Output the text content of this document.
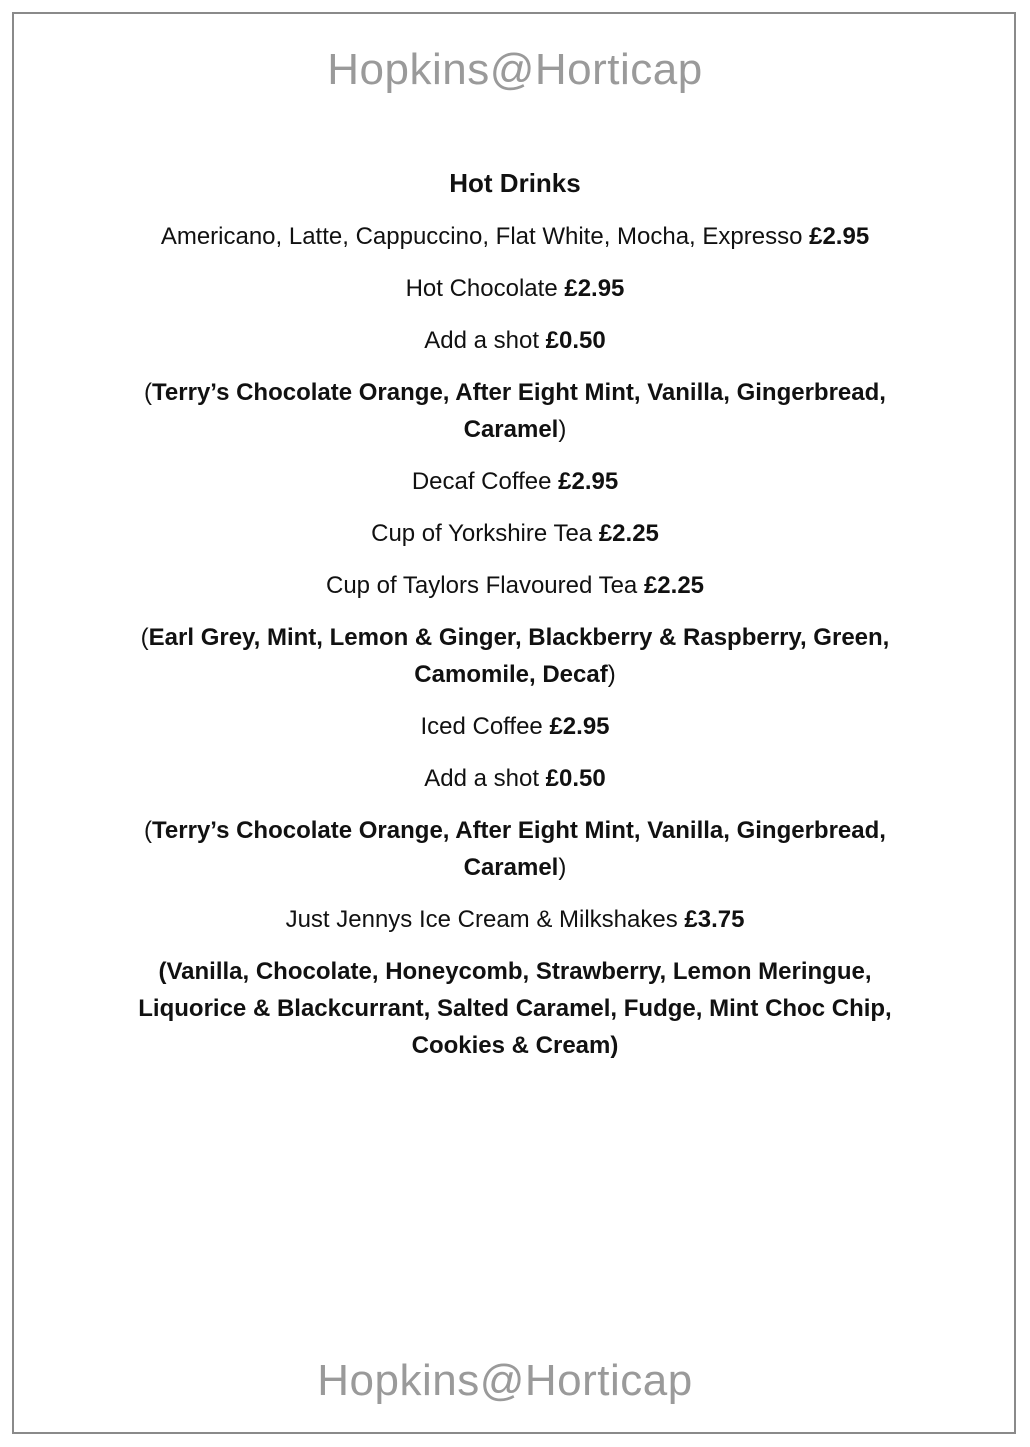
Hopkins@Horticap
Hot Drinks
Americano, Latte, Cappuccino, Flat White, Mocha, Expresso £2.95
Hot Chocolate £2.95
Add a shot £0.50
(Terry’s Chocolate Orange, After Eight Mint, Vanilla, Gingerbread, Caramel)
Decaf Coffee £2.95
Cup of Yorkshire Tea £2.25
Cup of Taylors Flavoured Tea £2.25
(Earl Grey, Mint, Lemon & Ginger, Blackberry & Raspberry, Green, Camomile, Decaf)
Iced Coffee £2.95
Add a shot £0.50
(Terry’s Chocolate Orange, After Eight Mint, Vanilla, Gingerbread, Caramel)
Just Jennys Ice Cream & Milkshakes £3.75
(Vanilla, Chocolate, Honeycomb, Strawberry, Lemon Meringue, Liquorice & Blackcurrant, Salted Caramel, Fudge, Mint Choc Chip, Cookies & Cream)
Hopkins@Horticap
